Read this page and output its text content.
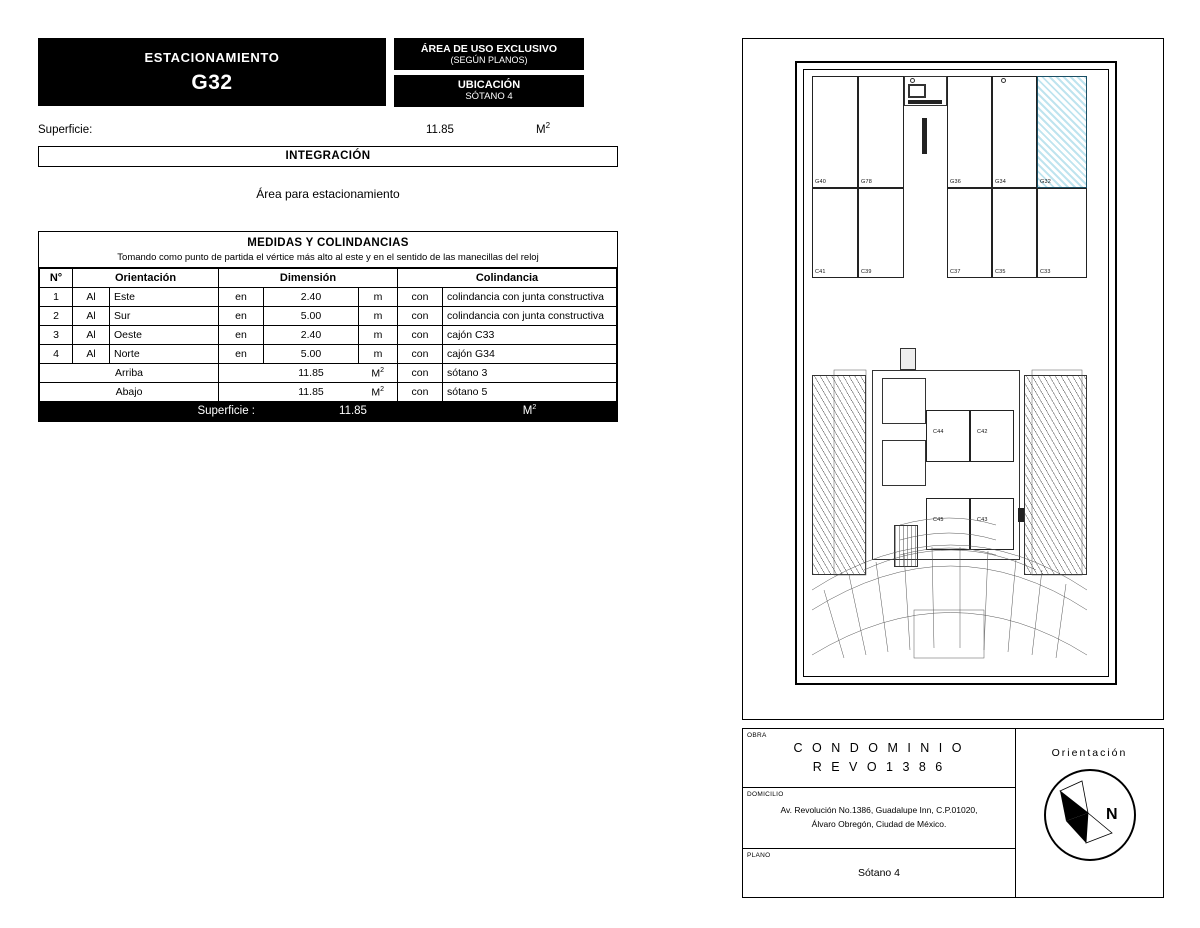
ESTACIONAMIENTO
G32
ÁREA DE USO EXCLUSIVO
(SEGÚN PLANOS)
UBICACIÓN
SÓTANO 4
Superficie:	11.85	$M^2$
INTEGRACIÓN
Área para estacionamiento
MEDIDAS Y COLINDANCIAS
Tomando como punto de partida el vértice más alto al este y en el sentido de las manecillas del reloj
N°	Orientación		Dimensión			Colindancia	
1	Al	Este	en	2.40	m	con	colindancia con junta constructiva
2	Al	Sur	en	5.00	m	con	colindancia con junta constructiva
3	Al	Oeste	en	2.40	m	con	cajón C33
4	Al	Norte	en	5.00	m	con	cajón G34
Arriba				11.85	$M^2$	con	sótano 3
Abajo				11.85	$M^2$	con	sótano 5
Superficie :				11.85			$M^2$
G40	G78	G36	G34	G32
C41	C39	C37	C35	C33
C44	C42
C45	C43
OBRA
C O N D O M I N I O
R E V O 1 3 8 6
DOMICILIO
Av. Revolución No.1386, Guadalupe Inn, C.P.01020,
Álvaro Obregón, Ciudad de México.
PLANO
Sótano 4
Orientación
N
